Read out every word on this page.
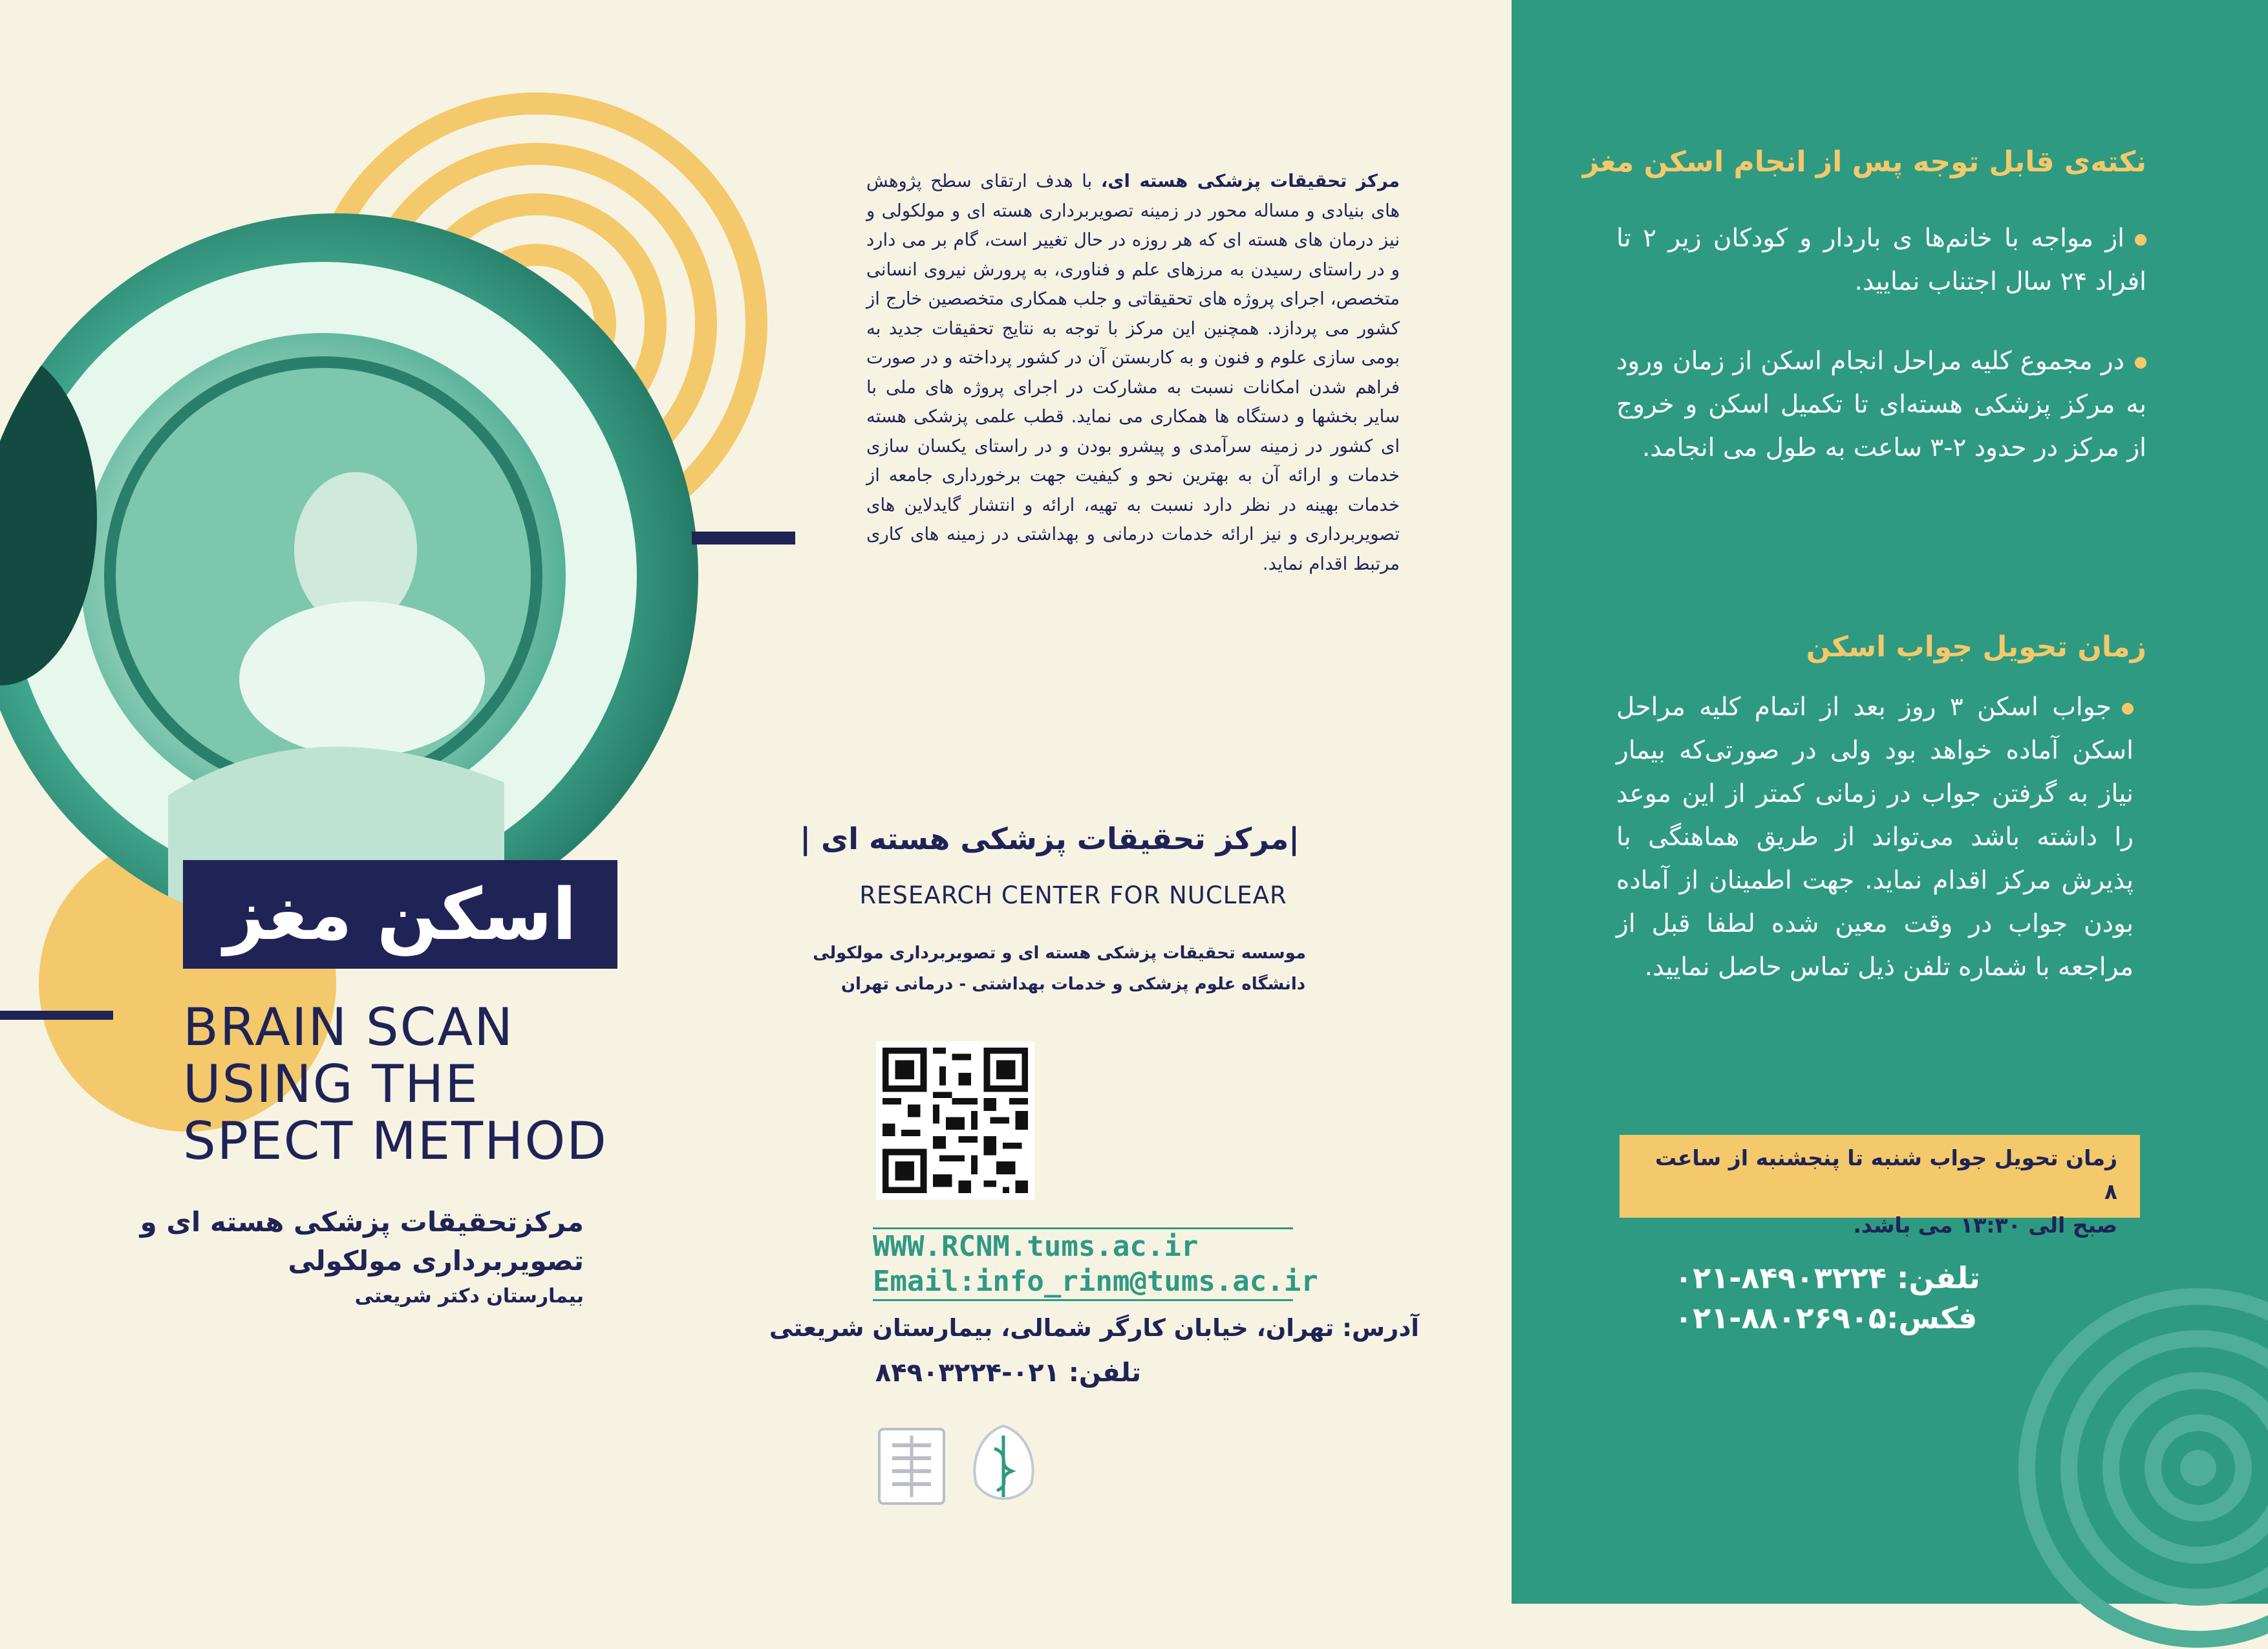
اسکن مغز
BRAIN SCAN
USING THE
SPECT METHOD
مرکزتحقیقات پزشکی هسته ای و
تصویربرداری مولکولی
بیمارستان دکتر شریعتی
مرکز تحقیقات پزشکی هسته ای، با هدف ارتقای سطح پژوهش های بنیادی و مساله محور در زمینه تصویربرداری هسته ای و مولکولی و نیز درمان های هسته ای که هر روزه در حال تغییر است، گام بر می دارد و در راستای رسیدن به مرزهای علم و فناوری، به پرورش نیروی انسانی متخصص، اجرای پروژه های تحقیقاتی و جلب همکاری متخصصین خارج از کشور می پردازد. همچنین این مرکز با توجه به نتایج تحقیقات جدید به بومی سازی علوم و فنون و به کاربستن آن در کشور پرداخته و در صورت فراهم شدن امکانات نسبت به مشارکت در اجرای پروژه های ملی با سایر بخشها و دستگاه ها همکاری می نماید. قطب علمی پزشکی هسته ای کشور در زمینه سرآمدی و پیشرو بودن و در راستای یکسان سازی خدمات و ارائه آن به بهترین نحو و کیفیت جهت برخورداری جامعه از خدمات بهینه در نظر دارد نسبت به تهیه، ارائه و انتشار گایدلاین های تصویربرداری و نیز ارائه خدمات درمانی و بهداشتی در زمینه های کاری مرتبط اقدام نماید.
|مرکز تحقیقات پزشکی هسته ای |
RESEARCH CENTER FOR NUCLEAR
موسسه تحقیقات پزشکی هسته ای و تصویربرداری مولکولی
دانشگاه علوم پزشکی و خدمات بهداشتی - درمانی تهران
WWW.RCNM.tums.ac.ir
Email:info_rinm@tums.ac.ir
آدرس: تهران، خیابان کارگر شمالی، بیمارستان شریعتی
تلفن: ۰۲۱-۸۴۹۰۳۲۲۴
نکته‌ی قابل توجه پس از انجام اسکن مغز
از مواجه با خانم‌ها ی باردار و کودکان زیر ۲ تا افراد ۲۴ سال اجتناب نمایید.
در مجموع کلیه مراحل انجام اسکن از زمان ورود به مرکز پزشکی هسته‌ای تا تکمیل اسکن و خروج از مرکز در حدود ۲-۳ ساعت به طول می انجامد.
زمان تحویل جواب اسکن
جواب اسکن ۳ روز بعد از اتمام کلیه مراحل اسکن آماده خواهد بود ولی در صورتی‌که بیمار نیاز به گرفتن جواب در زمانی کمتر از این موعد را داشته باشد می‌تواند از طریق هماهنگی با پذیرش مرکز اقدام نماید. جهت اطمینان از آماده بودن جواب در وقت معین شده لطفا قبل از مراجعه با شماره تلفن ذیل تماس حاصل نمایید.
زمان تحویل جواب شنبه تا پنجشنبه از ساعت ۸
صبح الی ۱۳:۳۰ می باشد.
تلفن: ۸۴۹۰۳۲۲۴-۰۲۱
فکس:۸۸۰۲۶۹۰۵-۰۲۱
